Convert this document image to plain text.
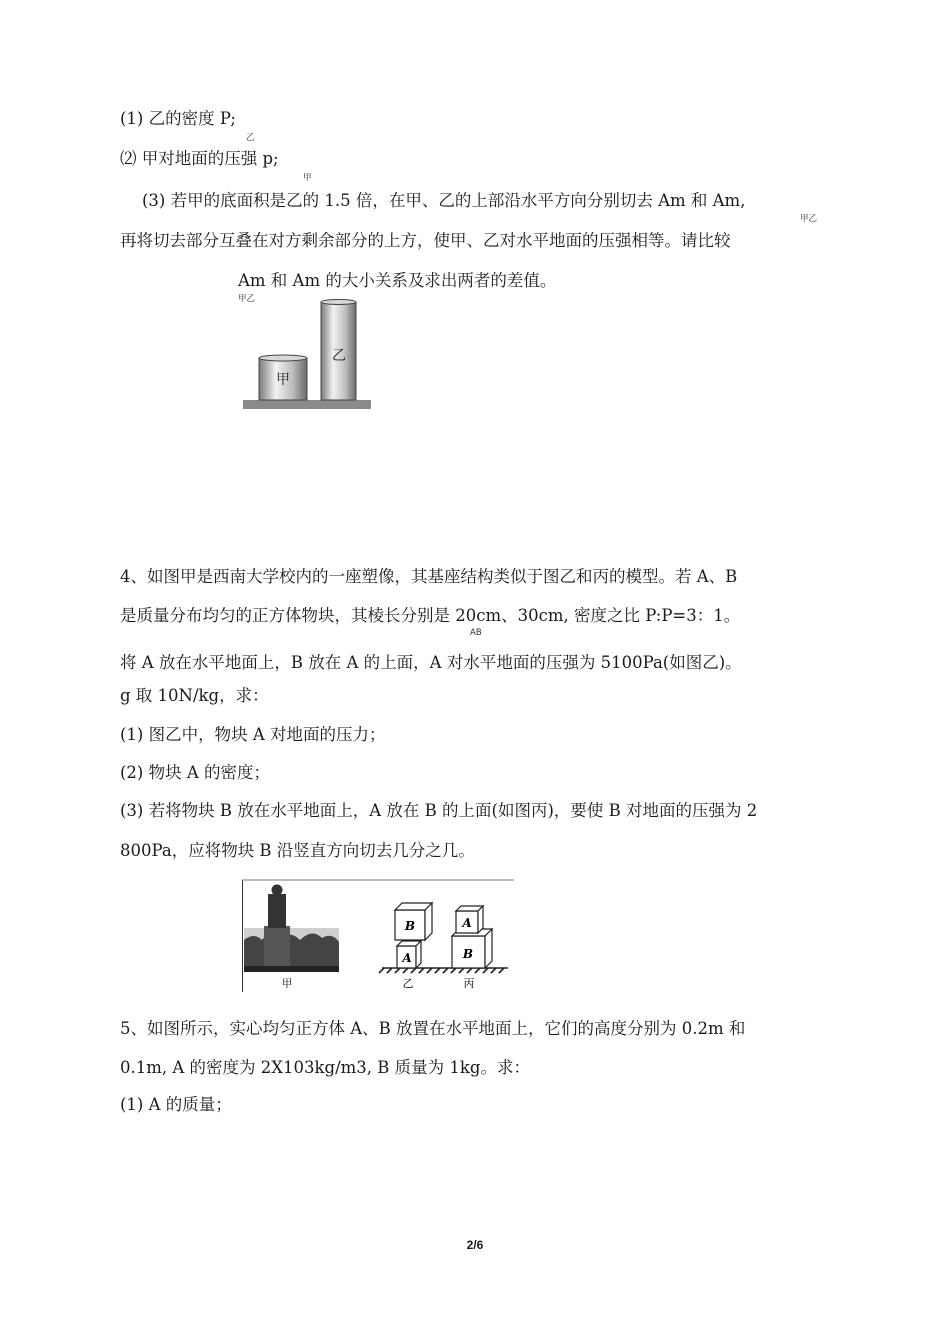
(1) 乙的密度 P;
乙
⑵ 甲对地面的压强 p;
甲
(3) 若甲的底面积是乙的 1.5 倍，在甲、乙的上部沿水平方向分别切去 Am 和 Am,
甲乙
再将切去部分互叠在对方剩余部分的上方，使甲、乙对水平地面的压强相等。请比较
Am 和 Am 的大小关系及求出两者的差值。
甲乙
甲
乙
4、如图甲是西南大学校内的一座塑像，其基座结构类似于图乙和丙的模型。若 A、B
是质量分布均匀的正方体物块，其棱长分别是 20cm、30cm, 密度之比 P:P=3：1。
AB
将 A 放在水平地面上，B 放在 A 的上面，A 对水平地面的压强为 5100Pa(如图乙)。
g 取 10N/kg，求：
(1) 图乙中，物块 A 对地面的压力；
(2) 物块 A 的密度；
(3) 若将物块 B 放在水平地面上，A 放在 B 的上面(如图丙)，要使 B 对地面的压强为 2
800Pa，应将物块 B 沿竖直方向切去几分之几。
甲
A
B
B
A
乙	丙
5、如图所示，实心均匀正方体 A、B 放置在水平地面上，它们的高度分别为 0.2m 和
0.1m, A 的密度为 2X103kg/m3, B 质量为 1kg。求：
(1) A 的质量；
2/6
